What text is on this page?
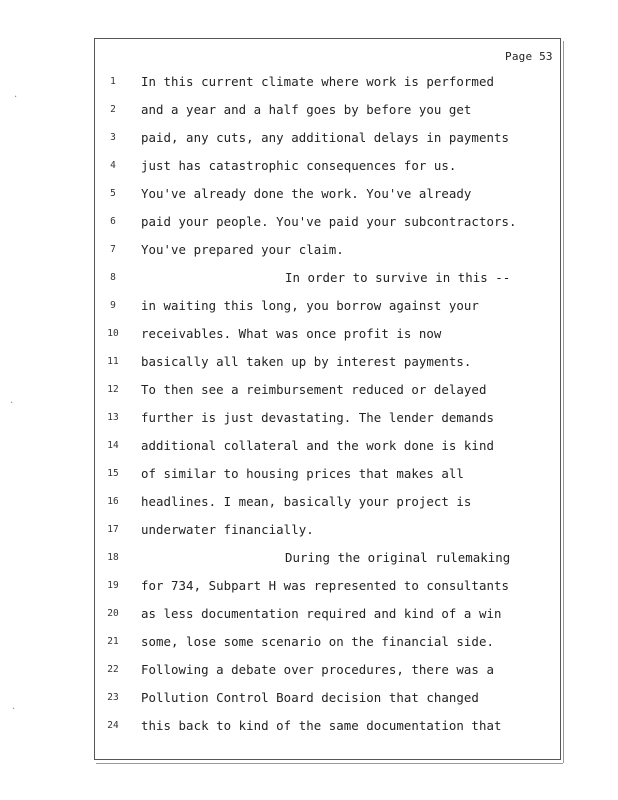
·
·
·
Page 53
1
2
3
4
5
6
7
8
9
10
11
12
13
14
15
16
17
18
19
20
21
22
23
24
In this current climate where work is performed
and a year and a half goes by before you get
paid, any cuts, any additional delays in payments
just has catastrophic consequences for us.
You've already done the work. You've already
paid your people. You've paid your subcontractors.
You've prepared your claim.
In order to survive in this --
in waiting this long, you borrow against your
receivables. What was once profit is now
basically all taken up by interest payments.
To then see a reimbursement reduced or delayed
further is just devastating. The lender demands
additional collateral and the work done is kind
of similar to housing prices that makes all
headlines. I mean, basically your project is
underwater financially.
During the original rulemaking
for 734, Subpart H was represented to consultants
as less documentation required and kind of a win
some, lose some scenario on the financial side.
Following a debate over procedures, there was a
Pollution Control Board decision that changed
this back to kind of the same documentation that
